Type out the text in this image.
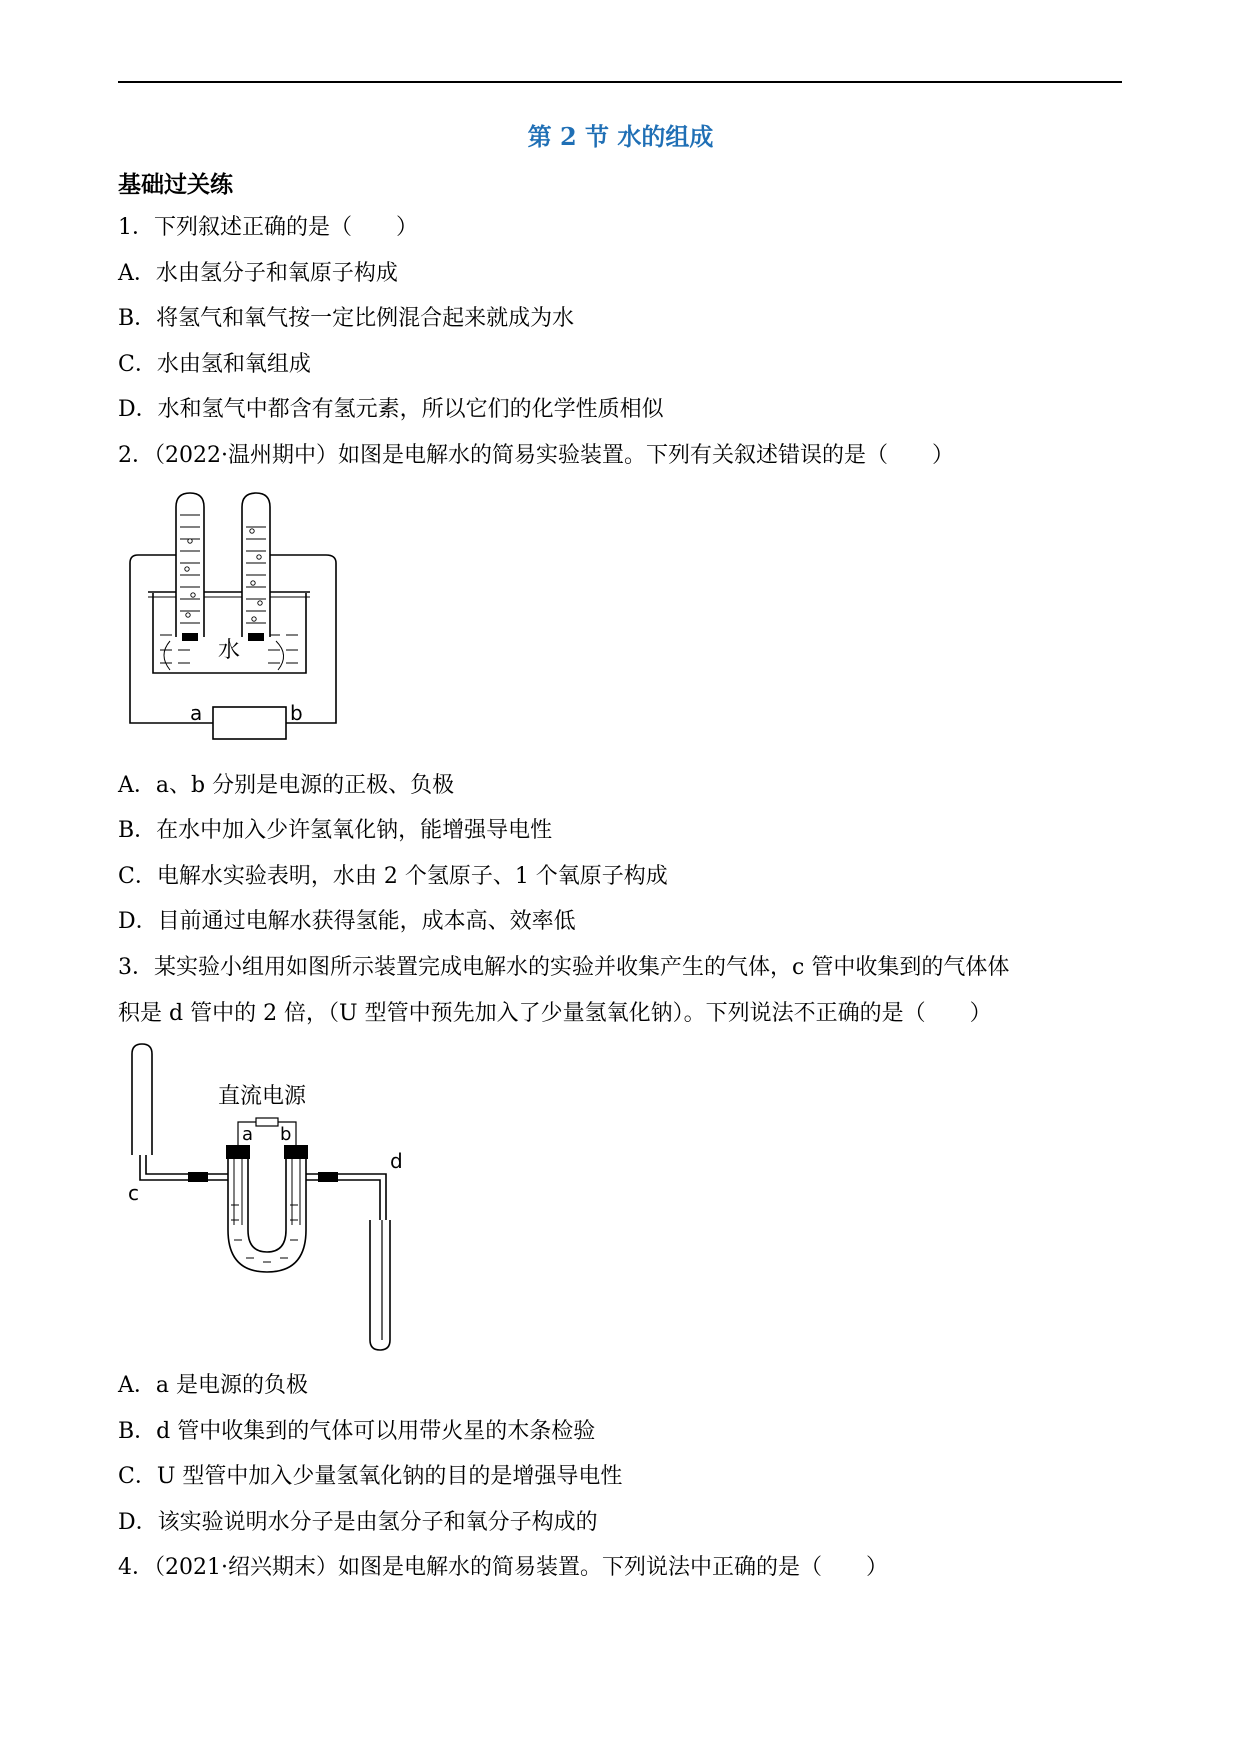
第 2 节 水的组成
基础过关练
1．下列叙述正确的是（　　）
A．水由氢分子和氧原子构成
B．将氢气和氧气按一定比例混合起来就成为水
C．水由氢和氧组成
D．水和氢气中都含有氢元素，所以它们的化学性质相似
2．（2022·温州期中）如图是电解水的简易实验装置。下列有关叙述错误的是（　　）
a	b
水
A．a、b 分别是电源的正极、负极
B．在水中加入少许氢氧化钠，能增强导电性
C．电解水实验表明，水由 2 个氢原子、1 个氧原子构成
D．目前通过电解水获得氢能，成本高、效率低
3．某实验小组用如图所示装置完成电解水的实验并收集产生的气体，c 管中收集到的气体体
积是 d 管中的 2 倍，（U 型管中预先加入了少量氢氧化钠）。下列说法不正确的是（　　）
c
直流电源
a b
d
A．a 是电源的负极
B．d 管中收集到的气体可以用带火星的木条检验
C．U 型管中加入少量氢氧化钠的目的是增强导电性
D．该实验说明水分子是由氢分子和氧分子构成的
4．（2021·绍兴期末）如图是电解水的简易装置。下列说法中正确的是（　　）
